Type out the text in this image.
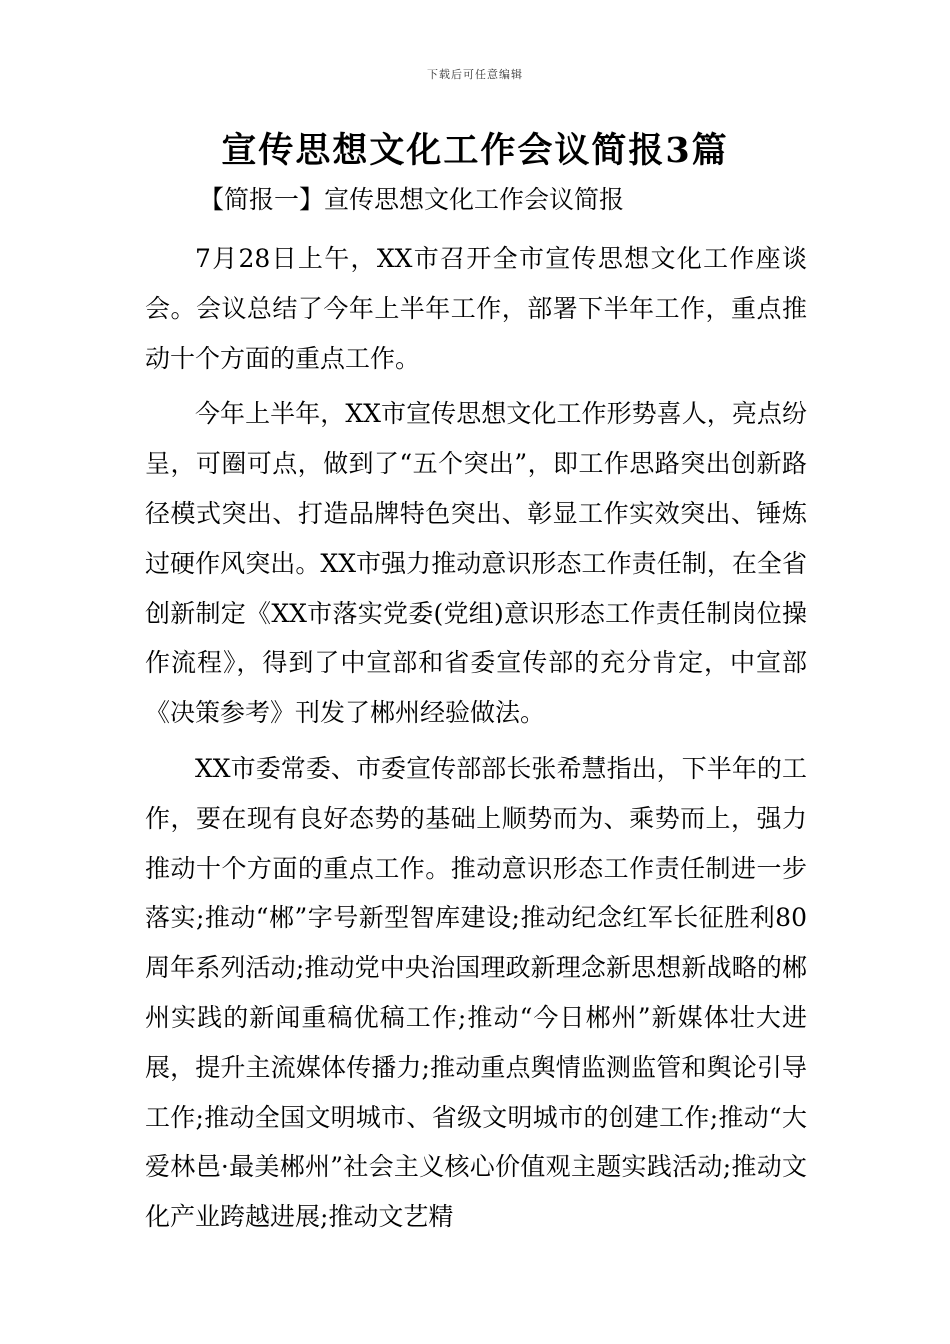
下载后可任意编辑
宣传思想文化工作会议简报3篇
【简报一】宣传思想文化工作会议简报

7月28日上午，XX市召开全市宣传思想文化工作座谈会。会议总结了今年上半年工作，部署下半年工作，重点推动十个方面的重点工作。

今年上半年，XX市宣传思想文化工作形势喜人，亮点纷呈，可圈可点，做到了“五个突出”，即工作思路突出创新路径模式突出、打造品牌特色突出、彰显工作实效突出、锤炼过硬作风突出。XX市强力推动意识形态工作责任制，在全省创新制定《XX市落实党委(党组)意识形态工作责任制岗位操作流程》，得到了中宣部和省委宣传部的充分肯定，中宣部《决策参考》刊发了郴州经验做法。

XX市委常委、市委宣传部部长张希慧指出，下半年的工作，要在现有良好态势的基础上顺势而为、乘势而上，强力推动十个方面的重点工作。推动意识形态工作责任制进一步落实;推动“郴”字号新型智库建设;推动纪念红军长征胜利80周年系列活动;推动党中央治国理政新理念新思想新战略的郴州实践的新闻重稿优稿工作;推动“今日郴州”新媒体壮大进展，提升主流媒体传播力;推动重点舆情监测监管和舆论引导工作;推动全国文明城市、省级文明城市的创建工作;推动“大爱林邑·最美郴州”社会主义核心价值观主题实践活动;推动文化产业跨越进展;推动文艺精
